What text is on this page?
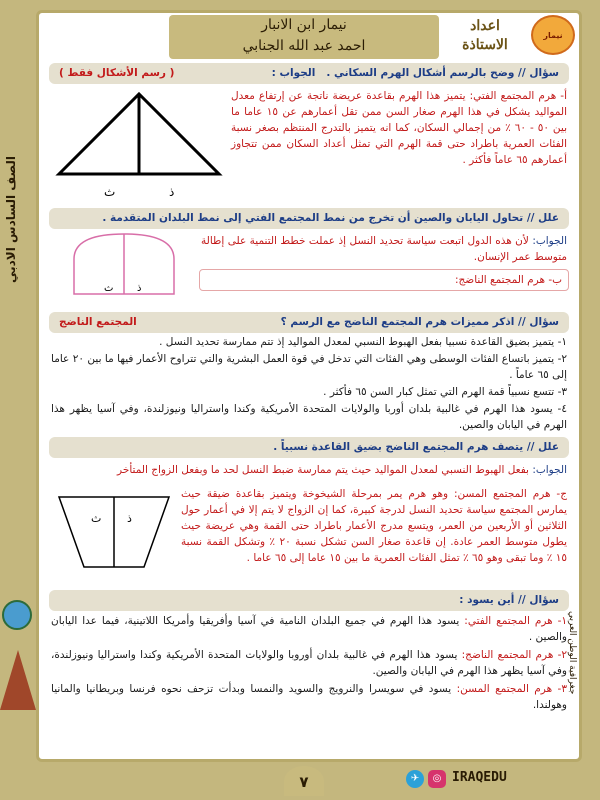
الصف السادس الادبي
نيمار
اعداد
الاستاذة
نيمار ابن الانبار
احمد عبد الله الجنابي
جغرافية الوطن العربي
سؤال // وضح بالرسم أشكال الهرم السكاني .   الجواب :
( رسم الأشكال فقط )
أ- هرم المجتمع الفتي: يتميز هذا الهرم بقاعدة عريضة ناتجة عن إرتفاع معدل المواليد يشكل في هذا الهرم صغار السن ممن تقل أعمارهم عن ١٥ عاما ما بين ٥٠ - ٦٠ ٪ من إجمالي السكان، كما انه يتميز بالتدرج المنتظم بصغر نسبة الفئات العمرية باطراد حتى قمة الهرم التي تمثل أعداد السكان ممن تتجاوز أعمارهم ٦٥ عاماً فأكثر .
ث	ذ
علل // تحاول اليابان والصين أن تخرج من نمط المجتمع الفتي إلى نمط البلدان المتقدمة .
الجواب: لأن هذه الدول اتبعت سياسة تحديد النسل إذ عملت خطط التنمية على إطالة متوسط عمر الإنسان.
ب- هرم المجتمع الناضج:
ث ذ
سؤال // اذكر مميزات هرم المجتمع الناضج مع الرسم ؟
المجتمع الناضج
١- يتميز بضيق القاعدة نسبيا بفعل الهبوط النسبي لمعدل المواليد إذ تتم ممارسة تحديد النسل .
٢- يتميز باتساع الفئات الوسطى وهي الفئات التي تدخل في قوة العمل البشرية والتي تتراوح الأعمار فيها ما بين ٢٠ عاما إلى ٦٥ عاماً .
٣- تتسع نسبياً قمة الهرم التي تمثل كبار السن ٦٥ فأكثر .
٤- يسود هذا الهرم في غالبية بلدان أوربا والولايات المتحدة الأمريكية وكندا واستراليا ونيوزلندة، وفي آسيا يظهر هذا الهرم في اليابان والصين.
علل // يتصف هرم المجتمع الناضج بضيق القاعدة نسبياً .
الجواب: بفعل الهبوط النسبي لمعدل المواليد حيث يتم ممارسة ضبط النسل لحد ما وبفعل الزواج المتأخر
ج- هرم المجتمع المسن: وهو هرم يمر بمرحلة الشيخوخة ويتميز بقاعدة ضيقة حيث يمارس المجتمع سياسة تحديد النسل لدرجة كبيرة، كما إن الزواج لا يتم إلا في أعمار حول الثلاثين أو الأربعين من العمر، ويتسع مدرج الأعمار باطراد حتى القمة وهي عريضة حيث يطول متوسط العمر عادة. إن قاعدة صغار السن تشكل نسبة ٢٠ ٪ وتشكل القمة نسبة ١٥ ٪ وما تبقى وهو ٦٥ ٪ تمثل الفئات العمرية ما بين ١٥ عاما إلى ٦٥ عاما .
ث ذ
سؤال // أين يسود :
١- هرم المجتمع الفتي: يسود هذا الهرم في جميع البلدان النامية في آسيا وأفريقيا وأمريكا اللاتينية، فيما عدا اليابان والصين .
٢- هرم المجتمع الناضج: يسود هذا الهرم في غالبية بلدان أوروبا والولايات المتحدة الأمريكية وكندا واستراليا ونيوزلندة، وفي آسيا يظهر هذا الهرم في اليابان والصين.
٣- هرم المجتمع المسن: يسود في سويسرا والنرويج والسويد والنمسا وبدأت تزحف نحوه فرنسا وبريطانيا والمانيا وهولندا.
٧	✈	◎ IRAQEDU
